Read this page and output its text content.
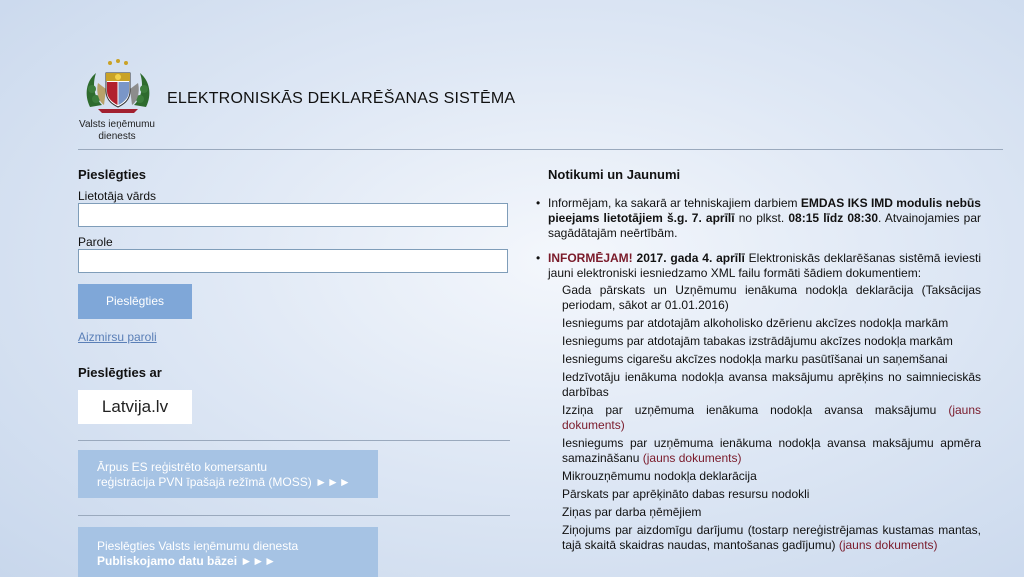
Valsts ieņēmumu dienests
ELEKTRONISKĀS DEKLARĒŠANAS SISTĒMA
Pieslēgties
Lietotāja vārds
Parole
Pieslēgties
Aizmirsu paroli
Pieslēgties ar
Latvija.lv
Ārpus ES reģistrēto komersantu
reģistrācija PVN īpašajā režīmā (MOSS) ►►►
Pieslēgties Valsts ieņēmumu dienesta
Publiskojamo datu bāzei ►►►
Notikumi un Jaunumi
• Informējam, ka sakarā ar tehniskajiem darbiem EMDAS IKS IMD modulis nebūs pieejams lietotājiem š.g. 7. aprīlī no plkst. 08:15 līdz 08:30. Atvainojamies par sagādātajām neērtībām.
• INFORMĒJAM! 2017. gada 4. aprīlī Elektroniskās deklarēšanas sistēmā ieviesti jauni elektroniski iesniedzamo XML failu formāti šādiem dokumentiem:
Gada pārskats un Uzņēmumu ienākuma nodokļa deklarācija (Taksācijas periodam, sākot ar 01.01.2016)
Iesniegums par atdotajām alkoholisko dzērienu akcīzes nodokļa markām
Iesniegums par atdotajām tabakas izstrādājumu akcīzes nodokļa markām
Iesniegums cigarešu akcīzes nodokļa marku pasūtīšanai un saņemšanai
Iedzīvotāju ienākuma nodokļa avansa maksājumu aprēķins no saimnieciskās darbības
Izziņa par uzņēmuma ienākuma nodokļa avansa maksājumu (jauns dokuments)
Iesniegums par uzņēmuma ienākuma nodokļa avansa maksājumu apmēra samazināšanu (jauns dokuments)
Mikrouzņēmumu nodokļa deklarācija
Pārskats par aprēķināto dabas resursu nodokli
Ziņas par darba ņēmējiem
Ziņojums par aizdomīgu darījumu (tostarp nereģistrējamas kustamas mantas, tajā skaitā skaidras naudas, mantošanas gadījumu) (jauns dokuments)
